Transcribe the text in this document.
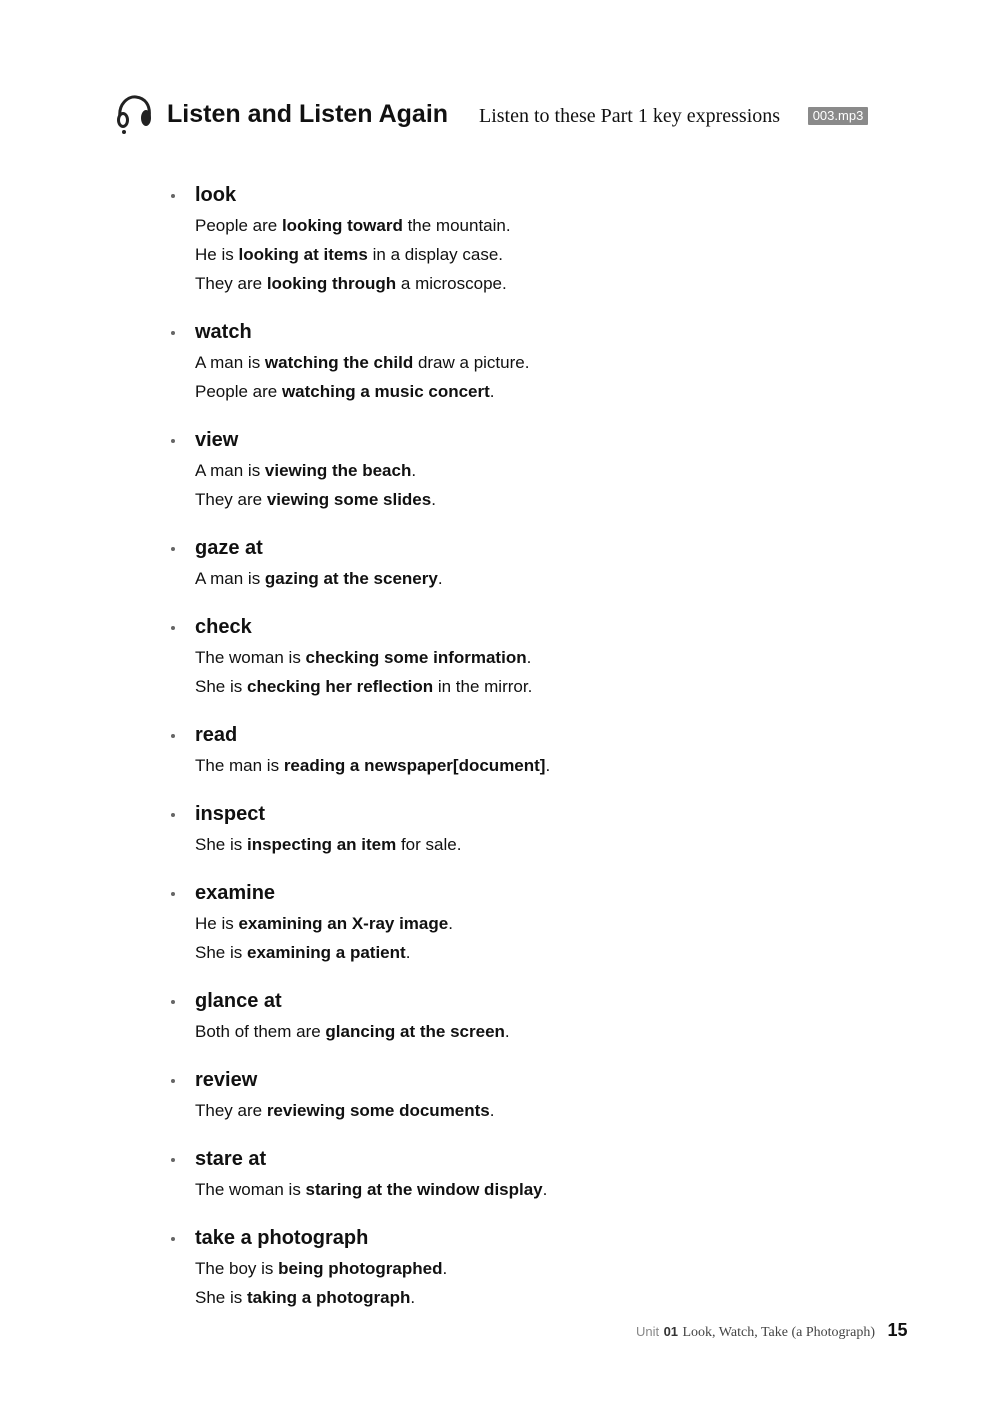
Listen and Listen Again Listen to these Part 1 key expressions	003.mp3
look
People are looking toward the mountain.
He is looking at items in a display case.
They are looking through a microscope.
watch
A man is watching the child draw a picture.
People are watching a music concert.
view
A man is viewing the beach.
They are viewing some slides.
gaze at
A man is gazing at the scenery.
check
The woman is checking some information.
She is checking her reflection in the mirror.
read
The man is reading a newspaper[document].
inspect
She is inspecting an item for sale.
examine
He is examining an X-ray image.
She is examining a patient.
glance at
Both of them are glancing at the screen.
review
They are reviewing some documents.
stare at
The woman is staring at the window display.
take a photograph
The boy is being photographed.
She is taking a photograph.
Unit 01 Look, Watch, Take (a Photograph) 15
